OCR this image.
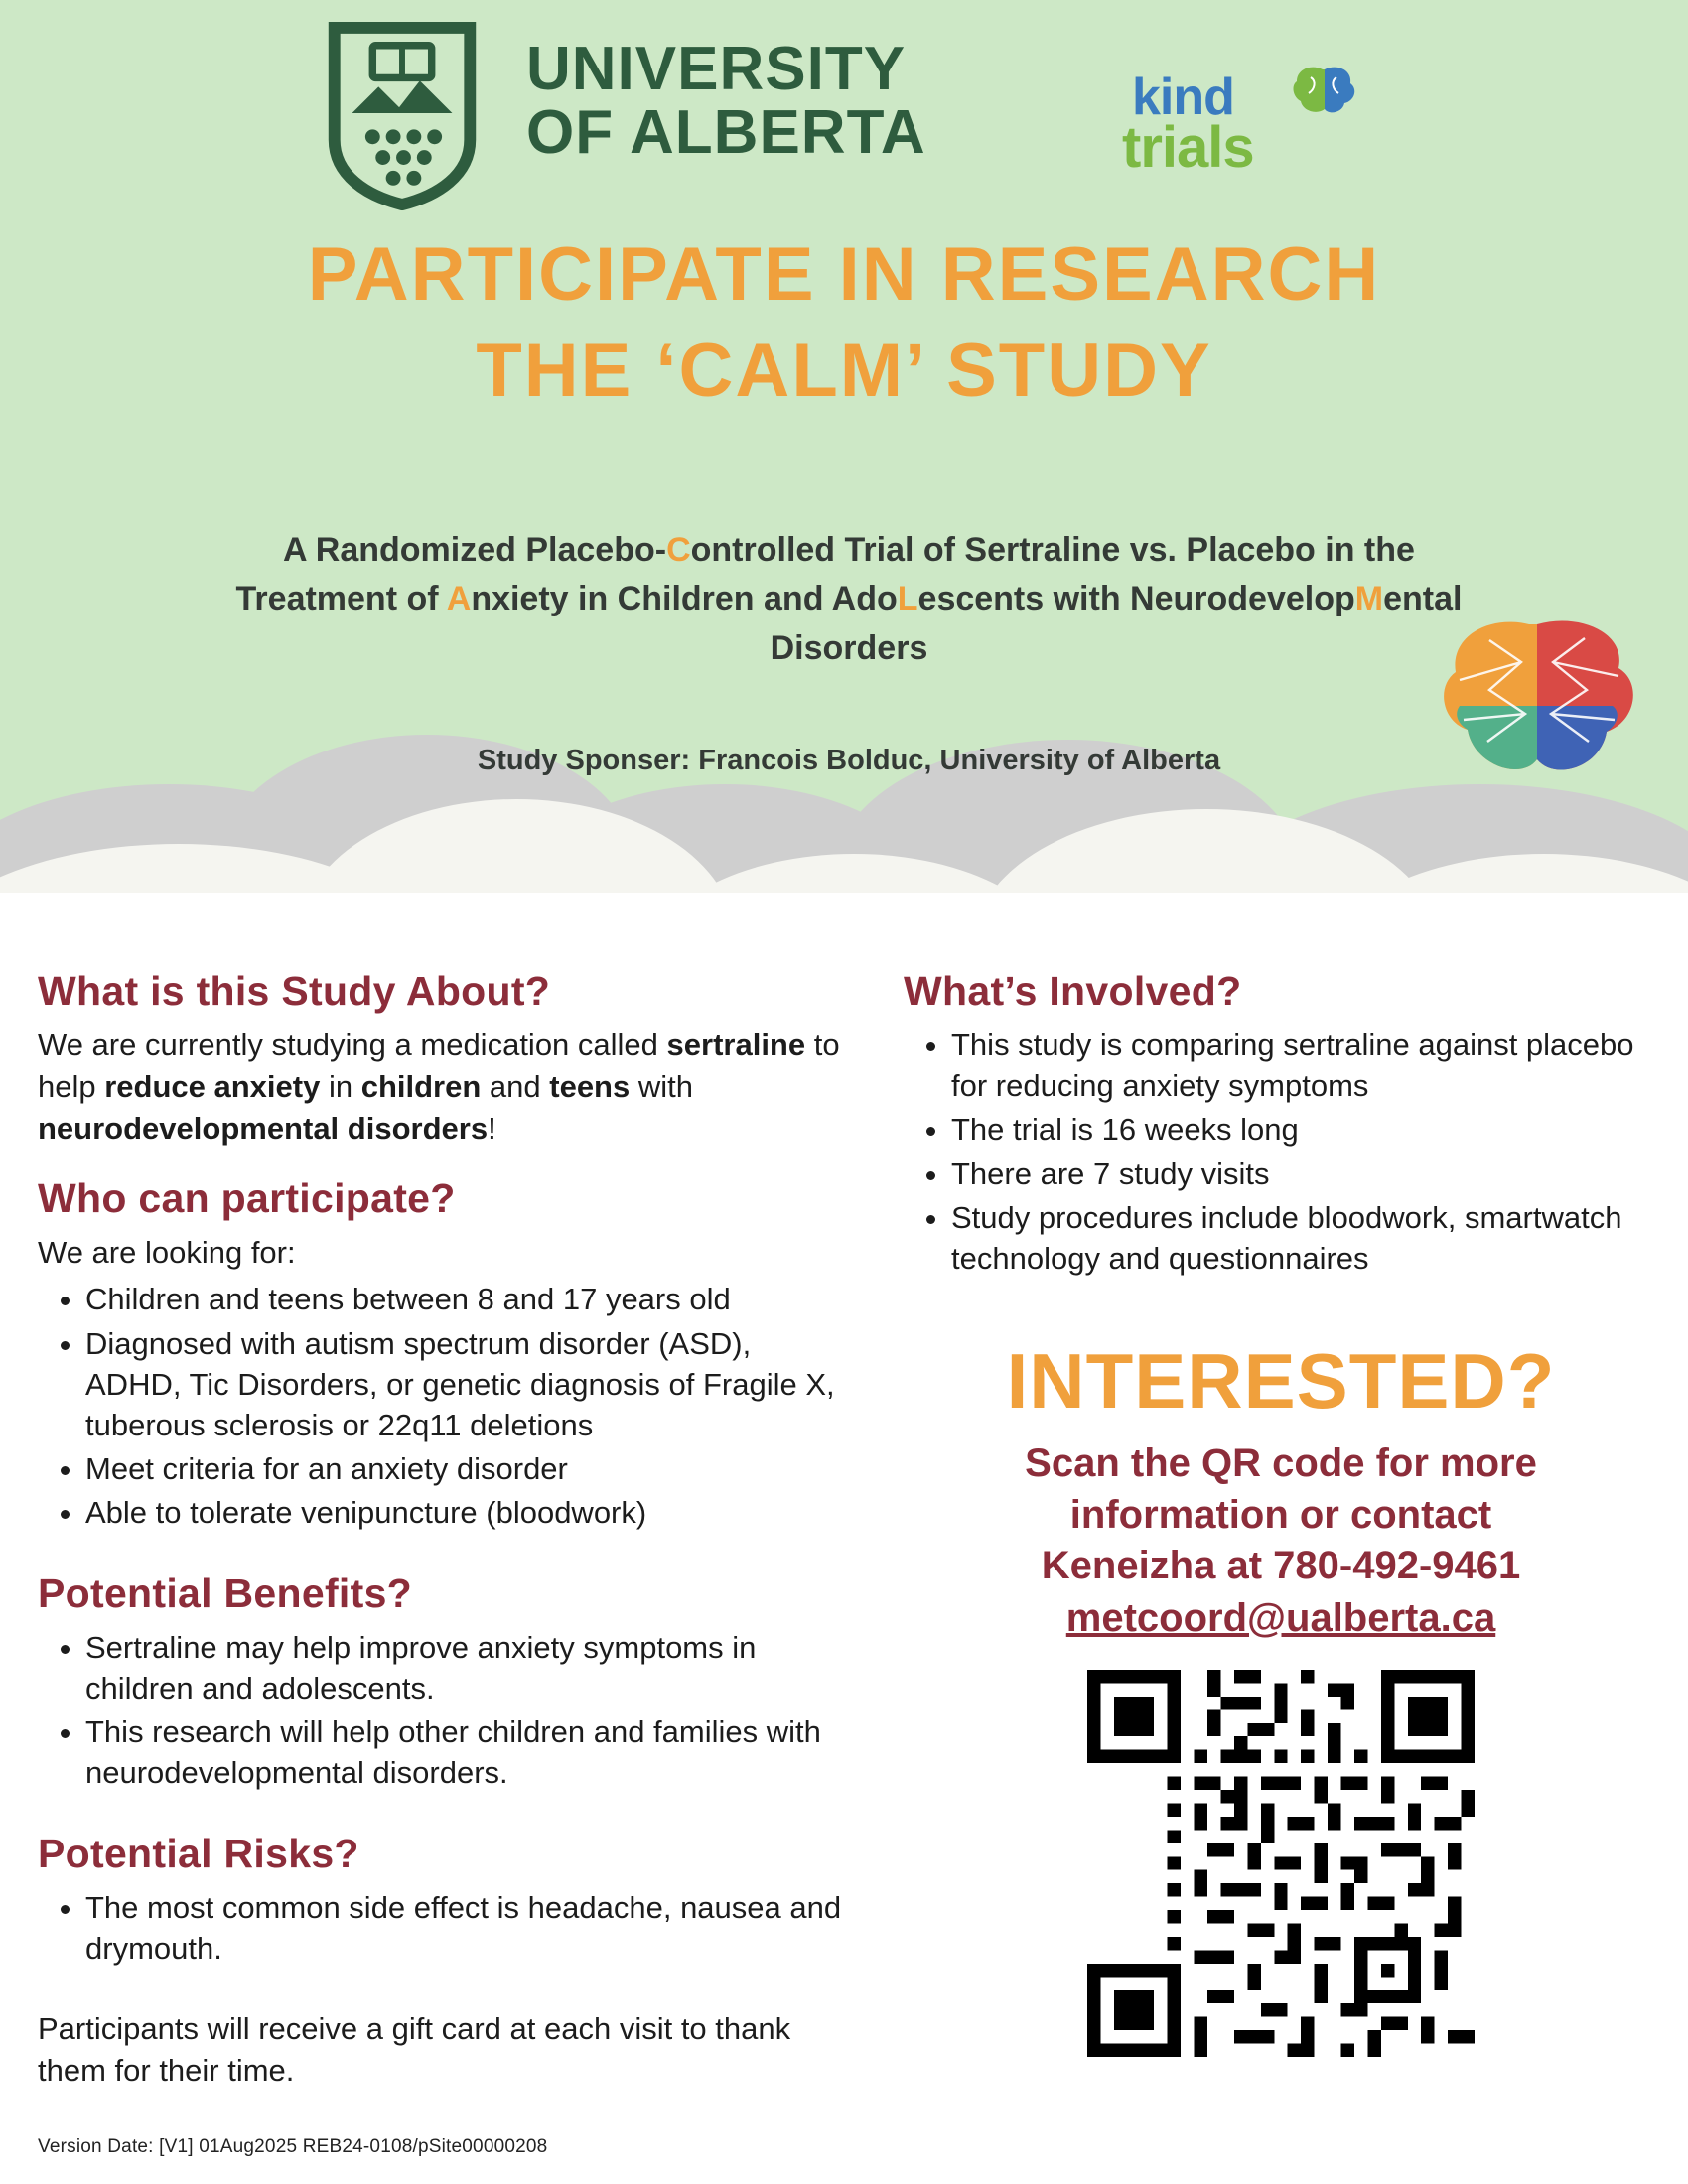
UNIVERSITY
OF ALBERTA
kind
trials
PARTICIPATE IN RESEARCH
THE ‘CALM’ STUDY
A Randomized Placebo-Controlled Trial of Sertraline vs. Placebo in the Treatment of Anxiety in Children and AdoLescents with NeurodevelopMental Disorders
Study Sponser: Francois Bolduc, University of Alberta
What is this Study About?

We are currently studying a medication called sertraline to help reduce anxiety in children and teens with neurodevelopmental disorders!

Who can participate?

We are looking for:

• Children and teens between 8 and 17 years old
• Diagnosed with autism spectrum disorder (ASD), ADHD, Tic Disorders, or genetic diagnosis of Fragile X, tuberous sclerosis or 22q11 deletions
• Meet criteria for an anxiety disorder
• Able to tolerate venipuncture (bloodwork)
Potential Benefits?
• Sertraline may help improve anxiety symptoms in children and adolescents.
• This research will help other children and families with neurodevelopmental disorders.
Potential Risks?
• The most common side effect is headache, nausea and drymouth.

Participants will receive a gift card at each visit to thank them for their time.

What’s Involved?
• This study is comparing sertraline against placebo for reducing anxiety symptoms
• The trial is 16 weeks long
• There are 7 study visits
• Study procedures include bloodwork, smartwatch technology and questionnaires
INTERESTED?
Scan the QR code for more
information or contact
Keneizha at 780-492-9461
metcoord@ualberta.ca
Version Date: [V1] 01Aug2025 REB24-0108/pSite00000208
